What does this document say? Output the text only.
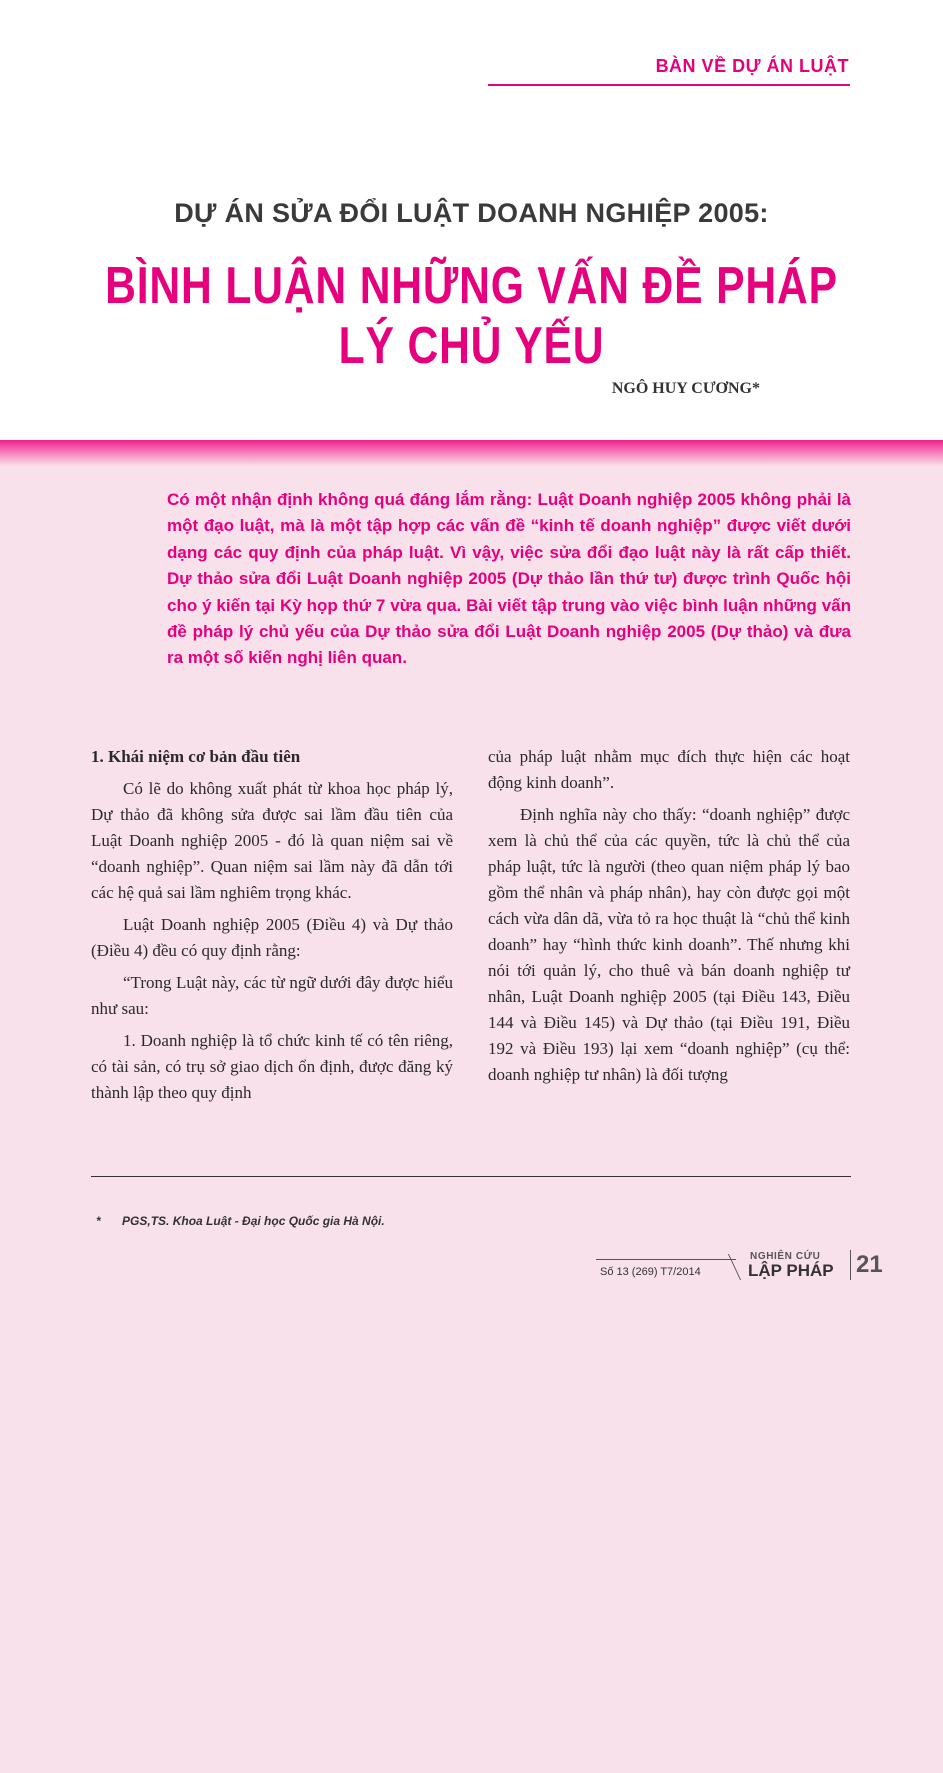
BÀN VỀ DỰ ÁN LUẬT
DỰ ÁN SỬA ĐỔI LUẬT DOANH NGHIỆP 2005:
BÌNH LUẬN NHỮNG VẤN ĐỀ PHÁP LÝ CHỦ YẾU
NGÔ HUY CƯƠNG*
Có một nhận định không quá đáng lắm rằng: Luật Doanh nghiệp 2005 không phải là một đạo luật, mà là một tập hợp các vấn đề “kinh tế doanh nghiệp” được viết dưới dạng các quy định của pháp luật. Vì vậy, việc sửa đổi đạo luật này là rất cấp thiết. Dự thảo sửa đổi Luật Doanh nghiệp 2005 (Dự thảo lần thứ tư) được trình Quốc hội cho ý kiến tại Kỳ họp thứ 7 vừa qua. Bài viết tập trung vào việc bình luận những vấn đề pháp lý chủ yếu của Dự thảo sửa đổi Luật Doanh nghiệp 2005 (Dự thảo) và đưa ra một số kiến nghị liên quan.
1. Khái niệm cơ bản đầu tiên

Có lẽ do không xuất phát từ khoa học pháp lý, Dự thảo đã không sửa được sai lầm đầu tiên của Luật Doanh nghiệp 2005 - đó là quan niệm sai về “doanh nghiệp”. Quan niệm sai lầm này đã dẫn tới các hệ quả sai lầm nghiêm trọng khác.

Luật Doanh nghiệp 2005 (Điều 4) và Dự thảo (Điều 4) đều có quy định rằng:

“Trong Luật này, các từ ngữ dưới đây được hiểu như sau:

1. Doanh nghiệp là tổ chức kinh tế có tên riêng, có tài sản, có trụ sở giao dịch ổn định, được đăng ký thành lập theo quy định

của pháp luật nhằm mục đích thực hiện các hoạt động kinh doanh”.

Định nghĩa này cho thấy: “doanh nghiệp” được xem là chủ thể của các quyền, tức là chủ thể của pháp luật, tức là người (theo quan niệm pháp lý bao gồm thể nhân và pháp nhân), hay còn được gọi một cách vừa dân dã, vừa tỏ ra học thuật là “chủ thể kinh doanh” hay “hình thức kinh doanh”. Thế nhưng khi nói tới quản lý, cho thuê và bán doanh nghiệp tư nhân, Luật Doanh nghiệp 2005 (tại Điều 143, Điều 144 và Điều 145) và Dự thảo (tại Điều 191, Điều 192 và Điều 193) lại xem “doanh nghiệp” (cụ thể: doanh nghiệp tư nhân) là đối tượng

* PGS,TS. Khoa Luật - Đại học Quốc gia Hà Nội.
Số 13 (269) T7/2014
NGHIÊN CỨU
LẬP PHÁP 21
